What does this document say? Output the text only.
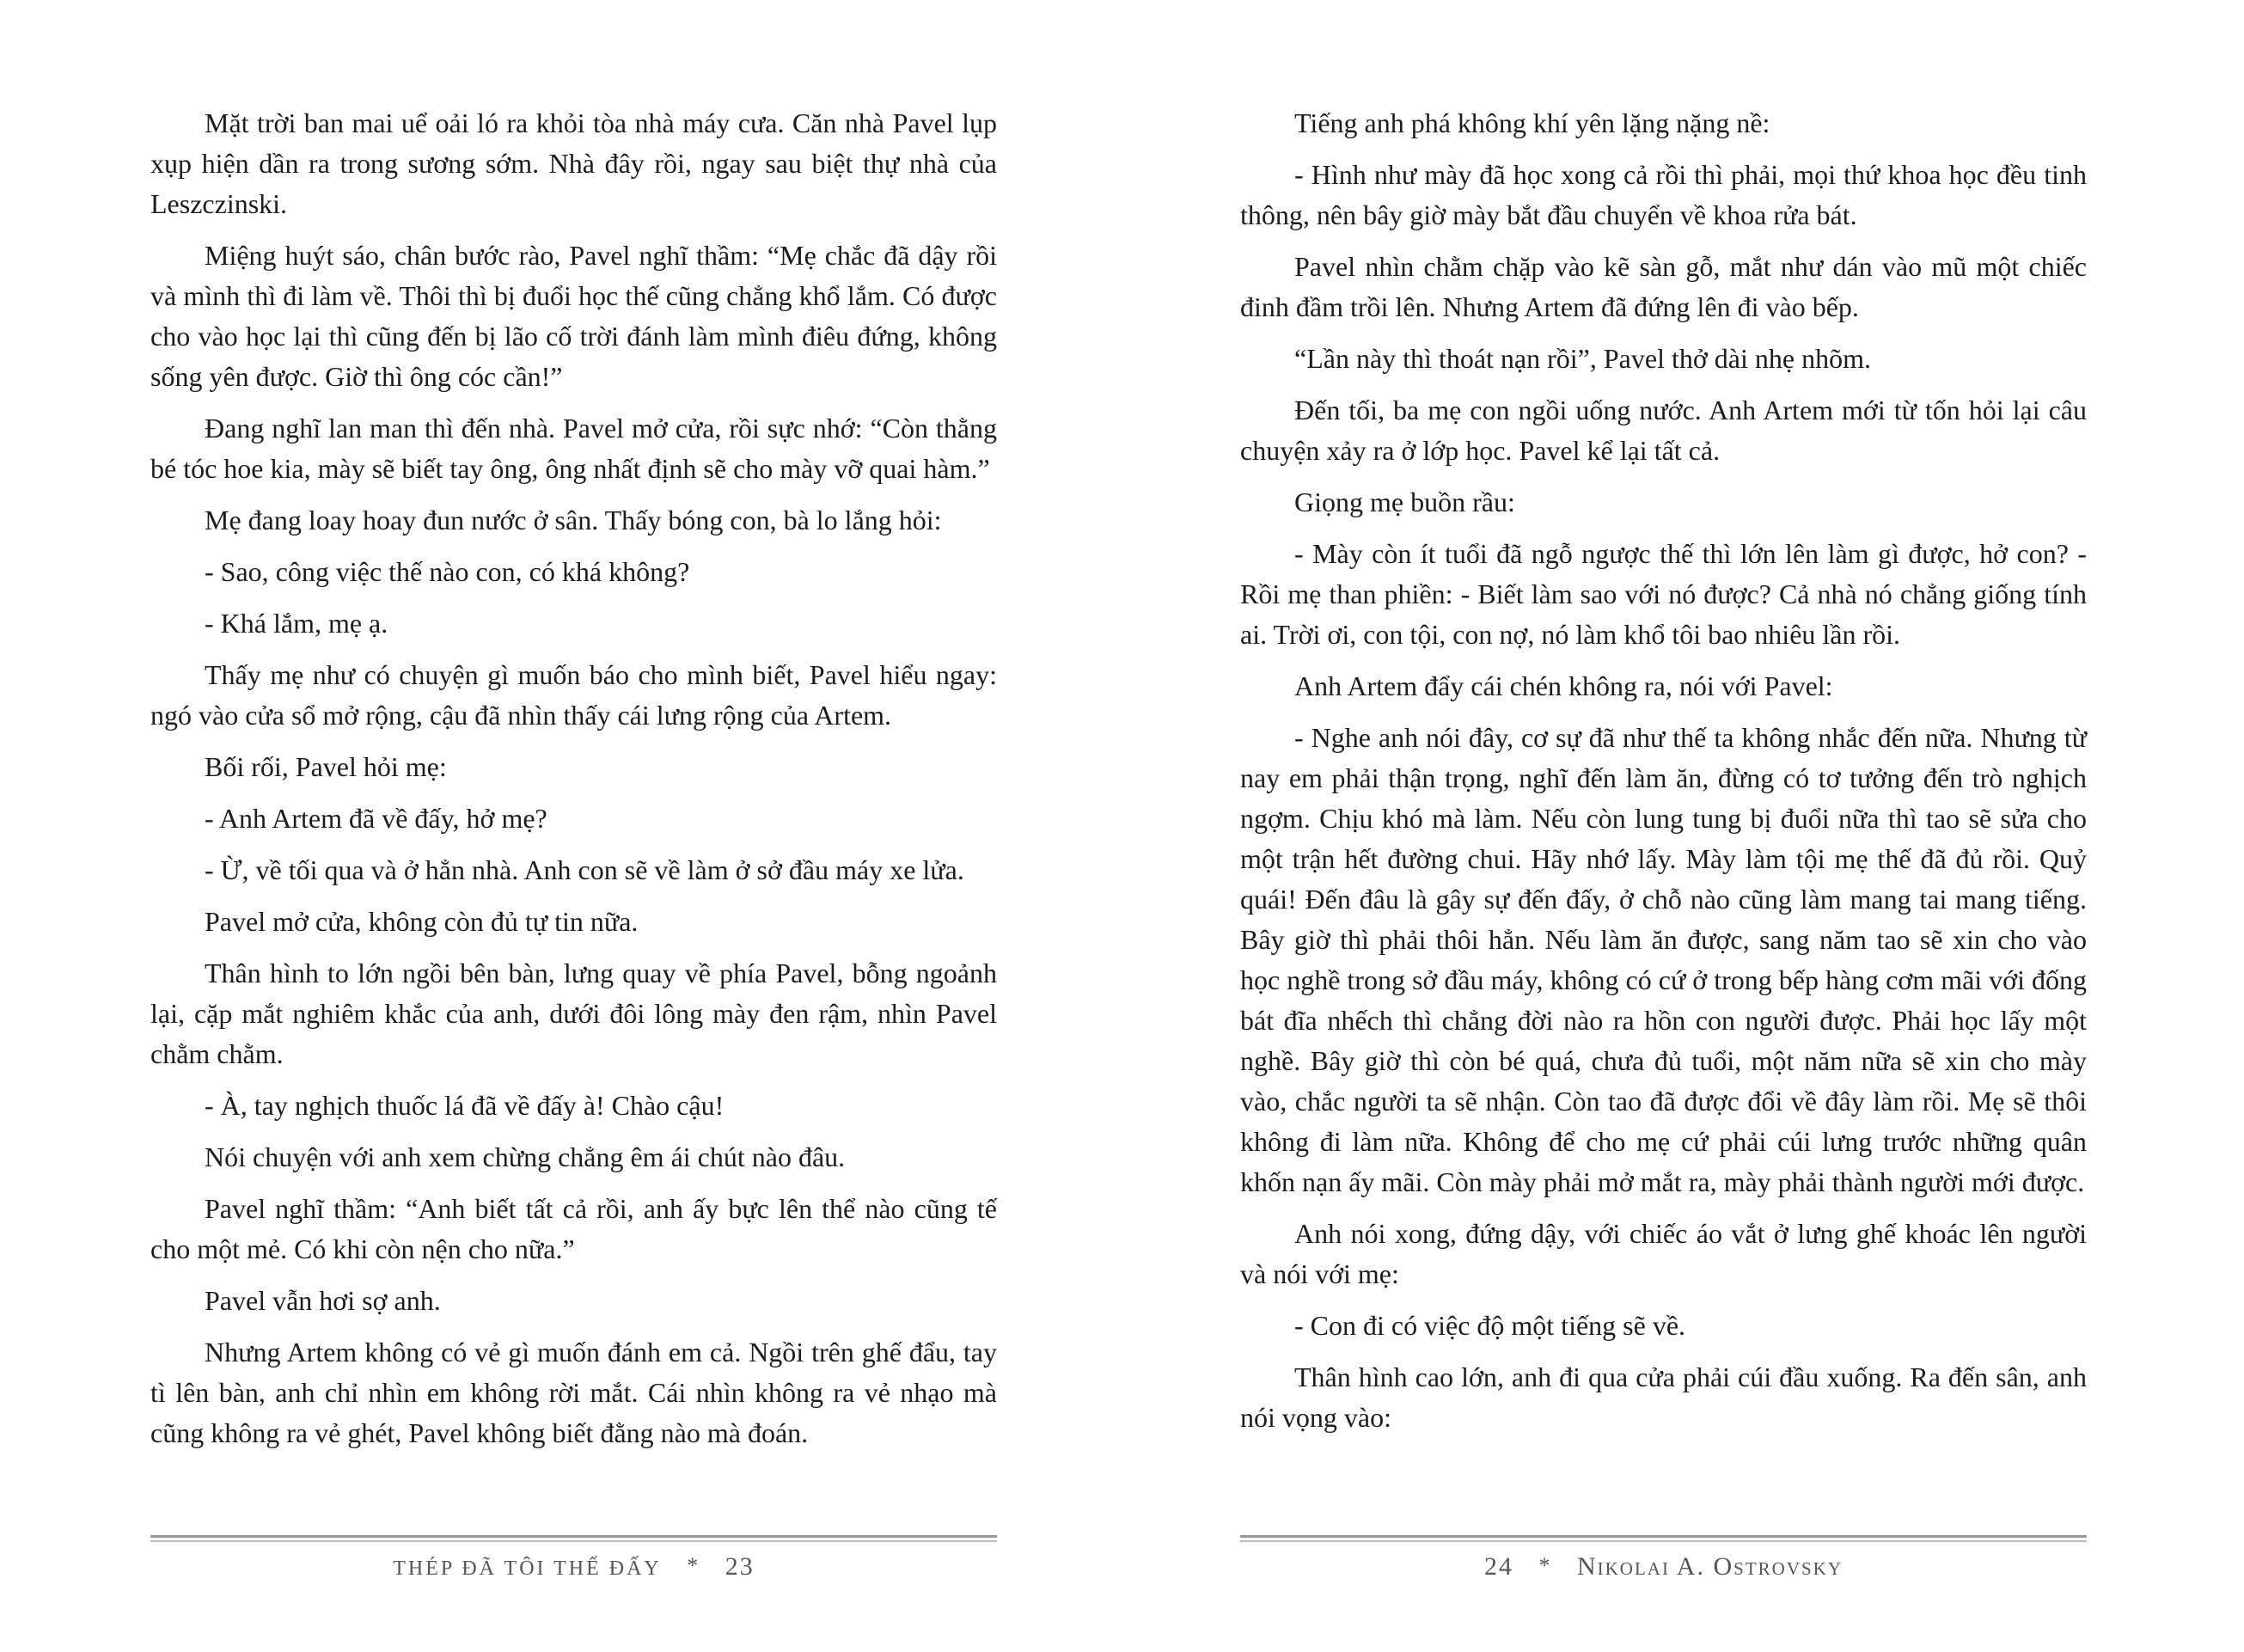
Mặt trời ban mai uể oải ló ra khỏi tòa nhà máy cưa. Căn nhà Pavel lụp xụp hiện dần ra trong sương sớm. Nhà đây rồi, ngay sau biệt thự nhà của Leszczinski.

Miệng huýt sáo, chân bước rào, Pavel nghĩ thầm: “Mẹ chắc đã dậy rồi và mình thì đi làm về. Thôi thì bị đuổi học thế cũng chẳng khổ lắm. Có được cho vào học lại thì cũng đến bị lão cố trời đánh làm mình điêu đứng, không sống yên được. Giờ thì ông cóc cần!”

Đang nghĩ lan man thì đến nhà. Pavel mở cửa, rồi sực nhớ: “Còn thằng bé tóc hoe kia, mày sẽ biết tay ông, ông nhất định sẽ cho mày vỡ quai hàm.”

Mẹ đang loay hoay đun nước ở sân. Thấy bóng con, bà lo lắng hỏi:

- Sao, công việc thế nào con, có khá không?

- Khá lắm, mẹ ạ.

Thấy mẹ như có chuyện gì muốn báo cho mình biết, Pavel hiểu ngay: ngó vào cửa sổ mở rộng, cậu đã nhìn thấy cái lưng rộng của Artem.

Bối rối, Pavel hỏi mẹ:

- Anh Artem đã về đấy, hở mẹ?

- Ừ, về tối qua và ở hẳn nhà. Anh con sẽ về làm ở sở đầu máy xe lửa.

Pavel mở cửa, không còn đủ tự tin nữa.

Thân hình to lớn ngồi bên bàn, lưng quay về phía Pavel, bỗng ngoảnh lại, cặp mắt nghiêm khắc của anh, dưới đôi lông mày đen rậm, nhìn Pavel chằm chằm.

- À, tay nghịch thuốc lá đã về đấy à! Chào cậu!

Nói chuyện với anh xem chừng chẳng êm ái chút nào đâu.

Pavel nghĩ thầm: “Anh biết tất cả rồi, anh ấy bực lên thể nào cũng tế cho một mẻ. Có khi còn nện cho nữa.”

Pavel vẫn hơi sợ anh.

Nhưng Artem không có vẻ gì muốn đánh em cả. Ngồi trên ghế đẩu, tay tì lên bàn, anh chỉ nhìn em không rời mắt. Cái nhìn không ra vẻ nhạo mà cũng không ra vẻ ghét, Pavel không biết đằng nào mà đoán.

THÉP ĐÃ TÔI THẾ ĐẤY * 23

Tiếng anh phá không khí yên lặng nặng nề:

- Hình như mày đã học xong cả rồi thì phải, mọi thứ khoa học đều tinh thông, nên bây giờ mày bắt đầu chuyển về khoa rửa bát.

Pavel nhìn chằm chặp vào kẽ sàn gỗ, mắt như dán vào mũ một chiếc đinh đầm trồi lên. Nhưng Artem đã đứng lên đi vào bếp.

“Lần này thì thoát nạn rồi”, Pavel thở dài nhẹ nhõm.

Đến tối, ba mẹ con ngồi uống nước. Anh Artem mới từ tốn hỏi lại câu chuyện xảy ra ở lớp học. Pavel kể lại tất cả.

Giọng mẹ buồn rầu:

- Mày còn ít tuổi đã ngỗ ngược thế thì lớn lên làm gì được, hở con? - Rồi mẹ than phiền: - Biết làm sao với nó được? Cả nhà nó chẳng giống tính ai. Trời ơi, con tội, con nợ, nó làm khổ tôi bao nhiêu lần rồi.

Anh Artem đẩy cái chén không ra, nói với Pavel:

- Nghe anh nói đây, cơ sự đã như thế ta không nhắc đến nữa. Nhưng từ nay em phải thận trọng, nghĩ đến làm ăn, đừng có tơ tưởng đến trò nghịch ngợm. Chịu khó mà làm. Nếu còn lung tung bị đuổi nữa thì tao sẽ sửa cho một trận hết đường chui. Hãy nhớ lấy. Mày làm tội mẹ thế đã đủ rồi. Quỷ quái! Đến đâu là gây sự đến đấy, ở chỗ nào cũng làm mang tai mang tiếng. Bây giờ thì phải thôi hẳn. Nếu làm ăn được, sang năm tao sẽ xin cho vào học nghề trong sở đầu máy, không có cứ ở trong bếp hàng cơm mãi với đống bát đĩa nhếch thì chẳng đời nào ra hồn con người được. Phải học lấy một nghề. Bây giờ thì còn bé quá, chưa đủ tuổi, một năm nữa sẽ xin cho mày vào, chắc người ta sẽ nhận. Còn tao đã được đổi về đây làm rồi. Mẹ sẽ thôi không đi làm nữa. Không để cho mẹ cứ phải cúi lưng trước những quân khốn nạn ấy mãi. Còn mày phải mở mắt ra, mày phải thành người mới được.

Anh nói xong, đứng dậy, với chiếc áo vắt ở lưng ghế khoác lên người và nói với mẹ:

- Con đi có việc độ một tiếng sẽ về.

Thân hình cao lớn, anh đi qua cửa phải cúi đầu xuống. Ra đến sân, anh nói vọng vào:

24 * Nikolai A. Ostrovsky
